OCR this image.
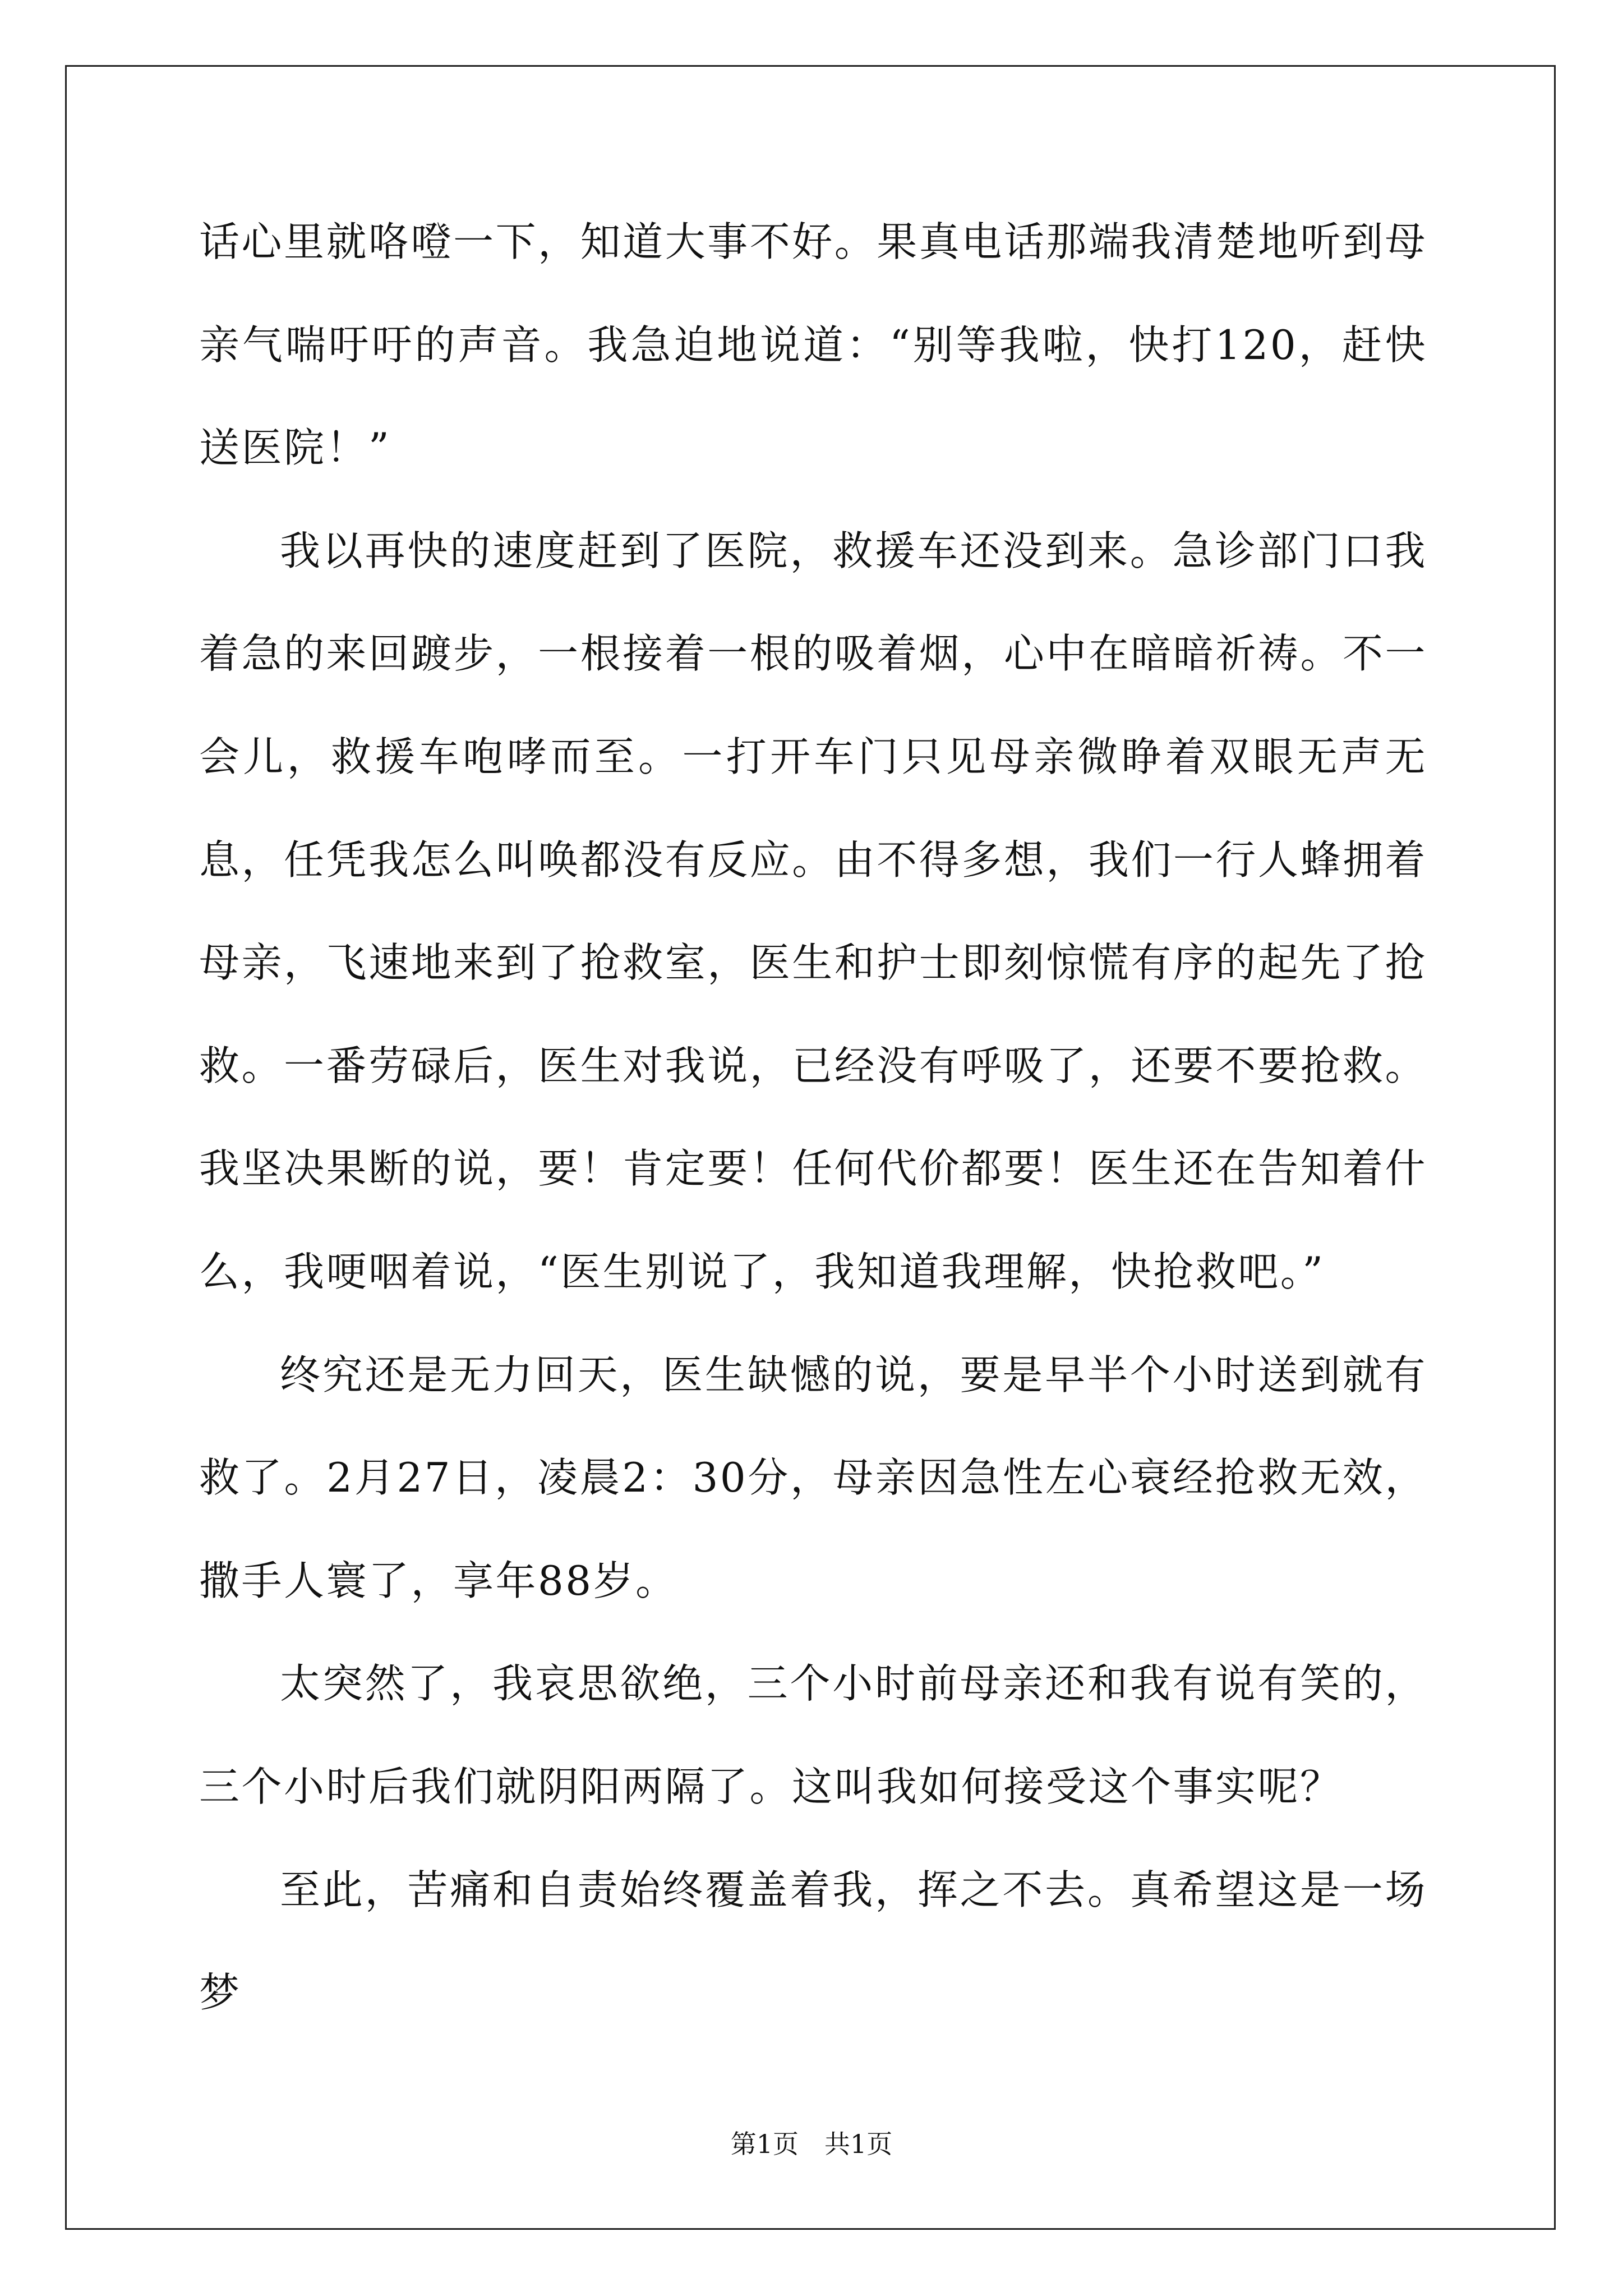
话心里就咯噔一下，知道大事不好。果真电话那端我清楚地听到母亲气喘吁吁的声音。我急迫地说道：“别等我啦，快打120，赶快送医院！”

我以再快的速度赶到了医院，救援车还没到来。急诊部门口我着急的来回踱步，一根接着一根的吸着烟，心中在暗暗祈祷。不一会儿，救援车咆哮而至。一打开车门只见母亲微睁着双眼无声无息，任凭我怎么叫唤都没有反应。由不得多想，我们一行人蜂拥着母亲，飞速地来到了抢救室，医生和护士即刻惊慌有序的起先了抢救。一番劳碌后，医生对我说，已经没有呼吸了，还要不要抢救。我坚决果断的说，要！肯定要！任何代价都要！医生还在告知着什么，我哽咽着说，“医生别说了，我知道我理解，快抢救吧。”

终究还是无力回天，医生缺憾的说，要是早半个小时送到就有救了。2月27日，凌晨2：30分，母亲因急性左心衰经抢救无效，撒手人寰了，享年88岁。

太突然了，我哀思欲绝，三个小时前母亲还和我有说有笑的，三个小时后我们就阴阳两隔了。这叫我如何接受这个事实呢？

至此，苦痛和自责始终覆盖着我，挥之不去。真希望这是一场梦

第1页　共1页
